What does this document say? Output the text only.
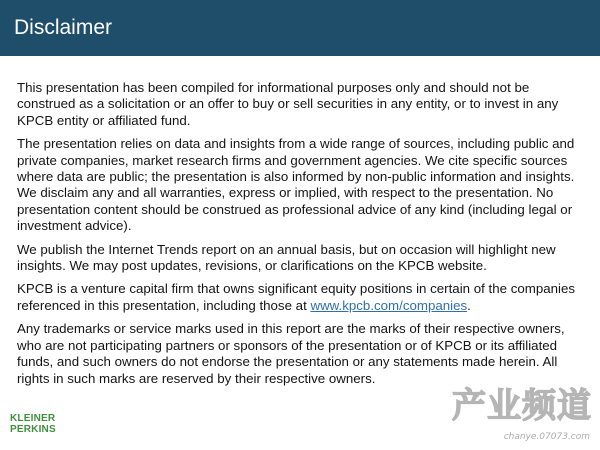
Disclaimer

This presentation has been compiled for informational purposes only and should not be construed as a solicitation or an offer to buy or sell securities in any entity, or to invest in any KPCB entity or affiliated fund.

The presentation relies on data and insights from a wide range of sources, including public and private companies, market research firms and government agencies. We cite specific sources where data are public; the presentation is also informed by non-public information and insights. We disclaim any and all warranties, express or implied, with respect to the presentation. No presentation content should be construed as professional advice of any kind (including legal or investment advice).

We publish the Internet Trends report on an annual basis, but on occasion will highlight new insights. We may post updates, revisions, or clarifications on the KPCB website.

KPCB is a venture capital firm that owns significant equity positions in certain of the companies referenced in this presentation, including those at www.kpcb.com/companies.

Any trademarks or service marks used in this report are the marks of their respective owners, who are not participating partners or sponsors of the presentation or of KPCB or its affiliated funds, and such owners do not endorse the presentation or any statements made herein. All rights in such marks are reserved by their respective owners.

KLEINER
PERKINS
产业频道
chanye.07073.com
